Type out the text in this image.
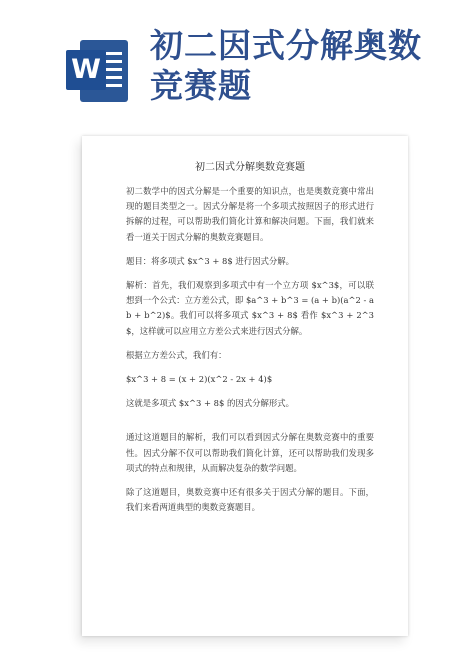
W
初二因式分解奥数
竞赛题

初二因式分解奥数竞赛题

初二数学中的因式分解是一个重要的知识点，也是奥数竞赛中常出现的题目类型之一。因式分解是将一个多项式按照因子的形式进行拆解的过程，可以帮助我们简化计算和解决问题。下面，我们就来看一道关于因式分解的奥数竞赛题目。

题目：将多项式 $x^3 + 8$ 进行因式分解。

解析：首先，我们观察到多项式中有一个立方项 $x^3$，可以联想到一个公式：立方差公式，即 $a^3 + b^3 = (a + b)(a^2 - ab + b^2)$。我们可以将多项式 $x^3 + 8$ 看作 $x^3 + 2^3$，这样就可以应用立方差公式来进行因式分解。

根据立方差公式，我们有：

$x^3 + 8 = (x + 2)(x^2 - 2x + 4)$

这就是多项式 $x^3 + 8$ 的因式分解形式。

通过这道题目的解析，我们可以看到因式分解在奥数竞赛中的重要性。因式分解不仅可以帮助我们简化计算，还可以帮助我们发现多项式的特点和规律，从而解决复杂的数学问题。

除了这道题目，奥数竞赛中还有很多关于因式分解的题目。下面，我们来看两道典型的奥数竞赛题目。
